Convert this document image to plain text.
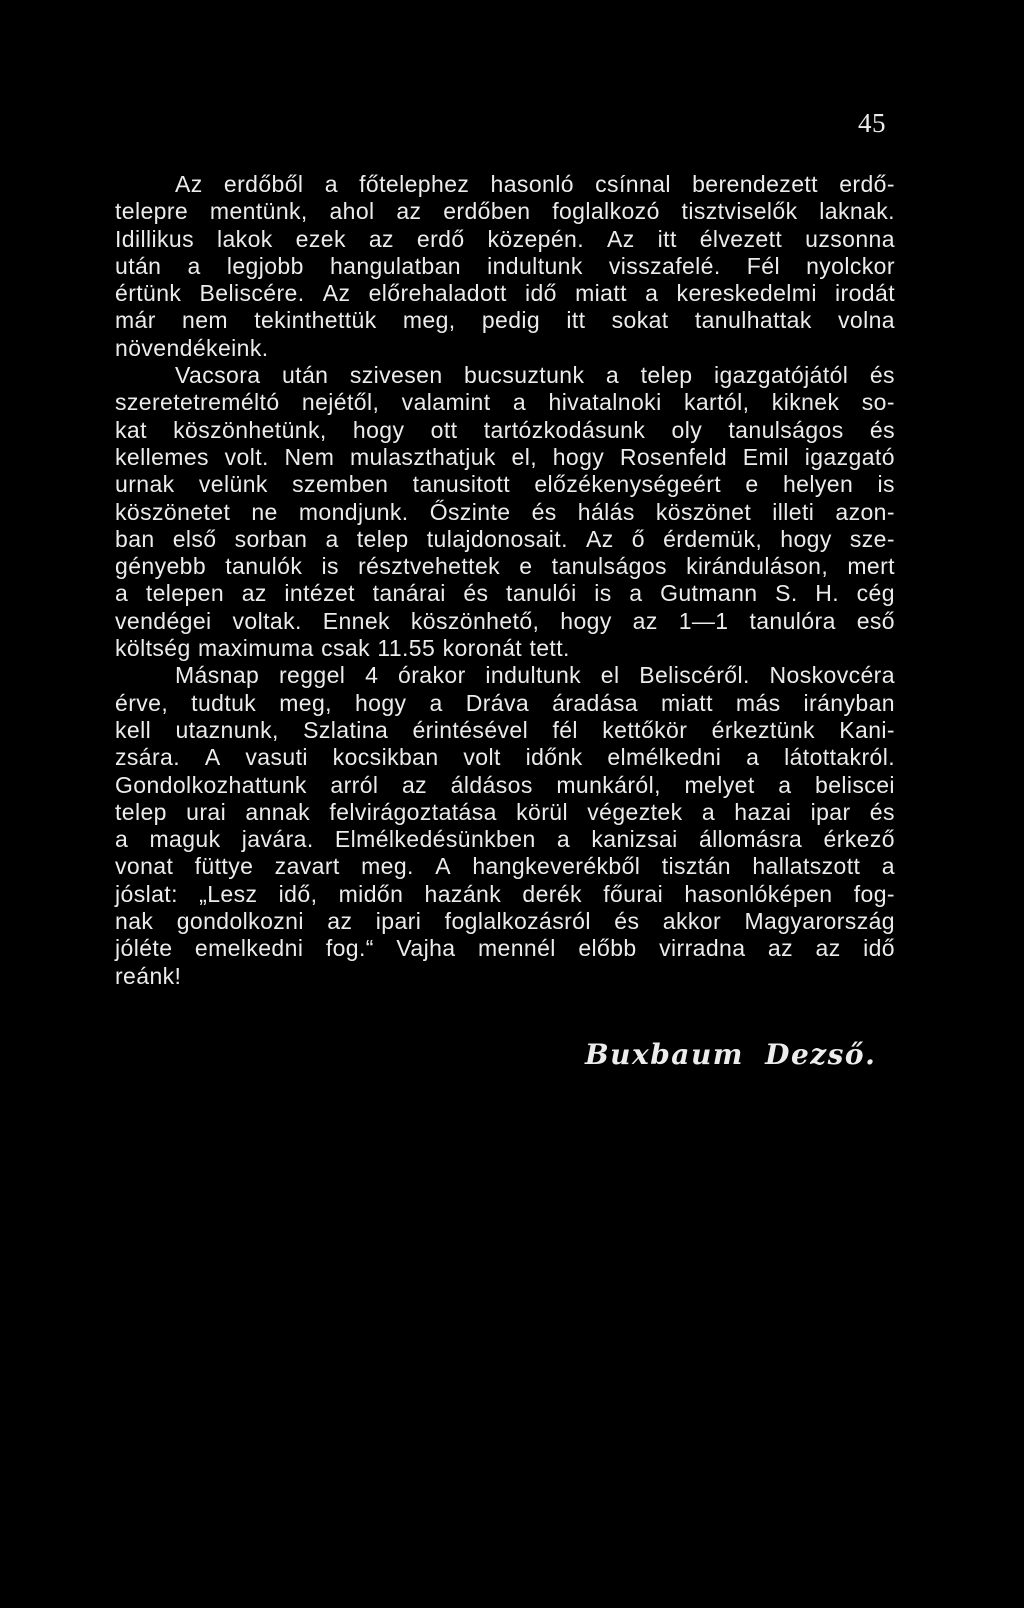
45
Az erdőből a főtelephez hasonló csínnal berendezett erdő-
telepre mentünk, ahol az erdőben foglalkozó tisztviselők laknak.
Idillikus lakok ezek az erdő közepén. Az itt élvezett uzsonna
után a legjobb hangulatban indultunk visszafelé. Fél nyolckor
értünk Beliscére. Az előrehaladott idő miatt a kereskedelmi irodát
már nem tekinthettük meg, pedig itt sokat tanulhattak volna
növendékeink.
Vacsora után szivesen bucsuztunk a telep igazgatójától és
szeretetreméltó nejétől, valamint a hivatalnoki kartól, kiknek so-
kat köszönhetünk, hogy ott tartózkodásunk oly tanulságos és
kellemes volt. Nem mulaszthatjuk el, hogy Rosenfeld Emil igazgató
urnak velünk szemben tanusitott előzékenységeért e helyen is
köszönetet ne mondjunk. Őszinte és hálás köszönet illeti azon-
ban első sorban a telep tulajdonosait. Az ő érdemük, hogy sze-
gényebb tanulók is résztvehettek e tanulságos kiránduláson, mert
a telepen az intézet tanárai és tanulói is a Gutmann S. H. cég
vendégei voltak. Ennek köszönhető, hogy az 1—1 tanulóra eső
költség maximuma csak 11.55 koronát tett.
Másnap reggel 4 órakor indultunk el Beliscéről. Noskovcéra
érve, tudtuk meg, hogy a Dráva áradása miatt más irányban
kell utaznunk, Szlatina érintésével fél kettőkör érkeztünk Kani-
zsára. A vasuti kocsikban volt időnk elmélkedni a látottakról.
Gondolkozhattunk arról az áldásos munkáról, melyet a beliscei
telep urai annak felvirágoztatása körül végeztek a hazai ipar és
a maguk javára. Elmélkedésünkben a kanizsai állomásra érkező
vonat füttye zavart meg. A hangkeverékből tisztán hallatszott a
jóslat: „Lesz idő, midőn hazánk derék főurai hasonlóképen fog-
nak gondolkozni az ipari foglalkozásról és akkor Magyarország
jóléte emelkedni fog.“ Vajha mennél előbb virradna az az idő
reánk!
Buxbaum Dezső.
